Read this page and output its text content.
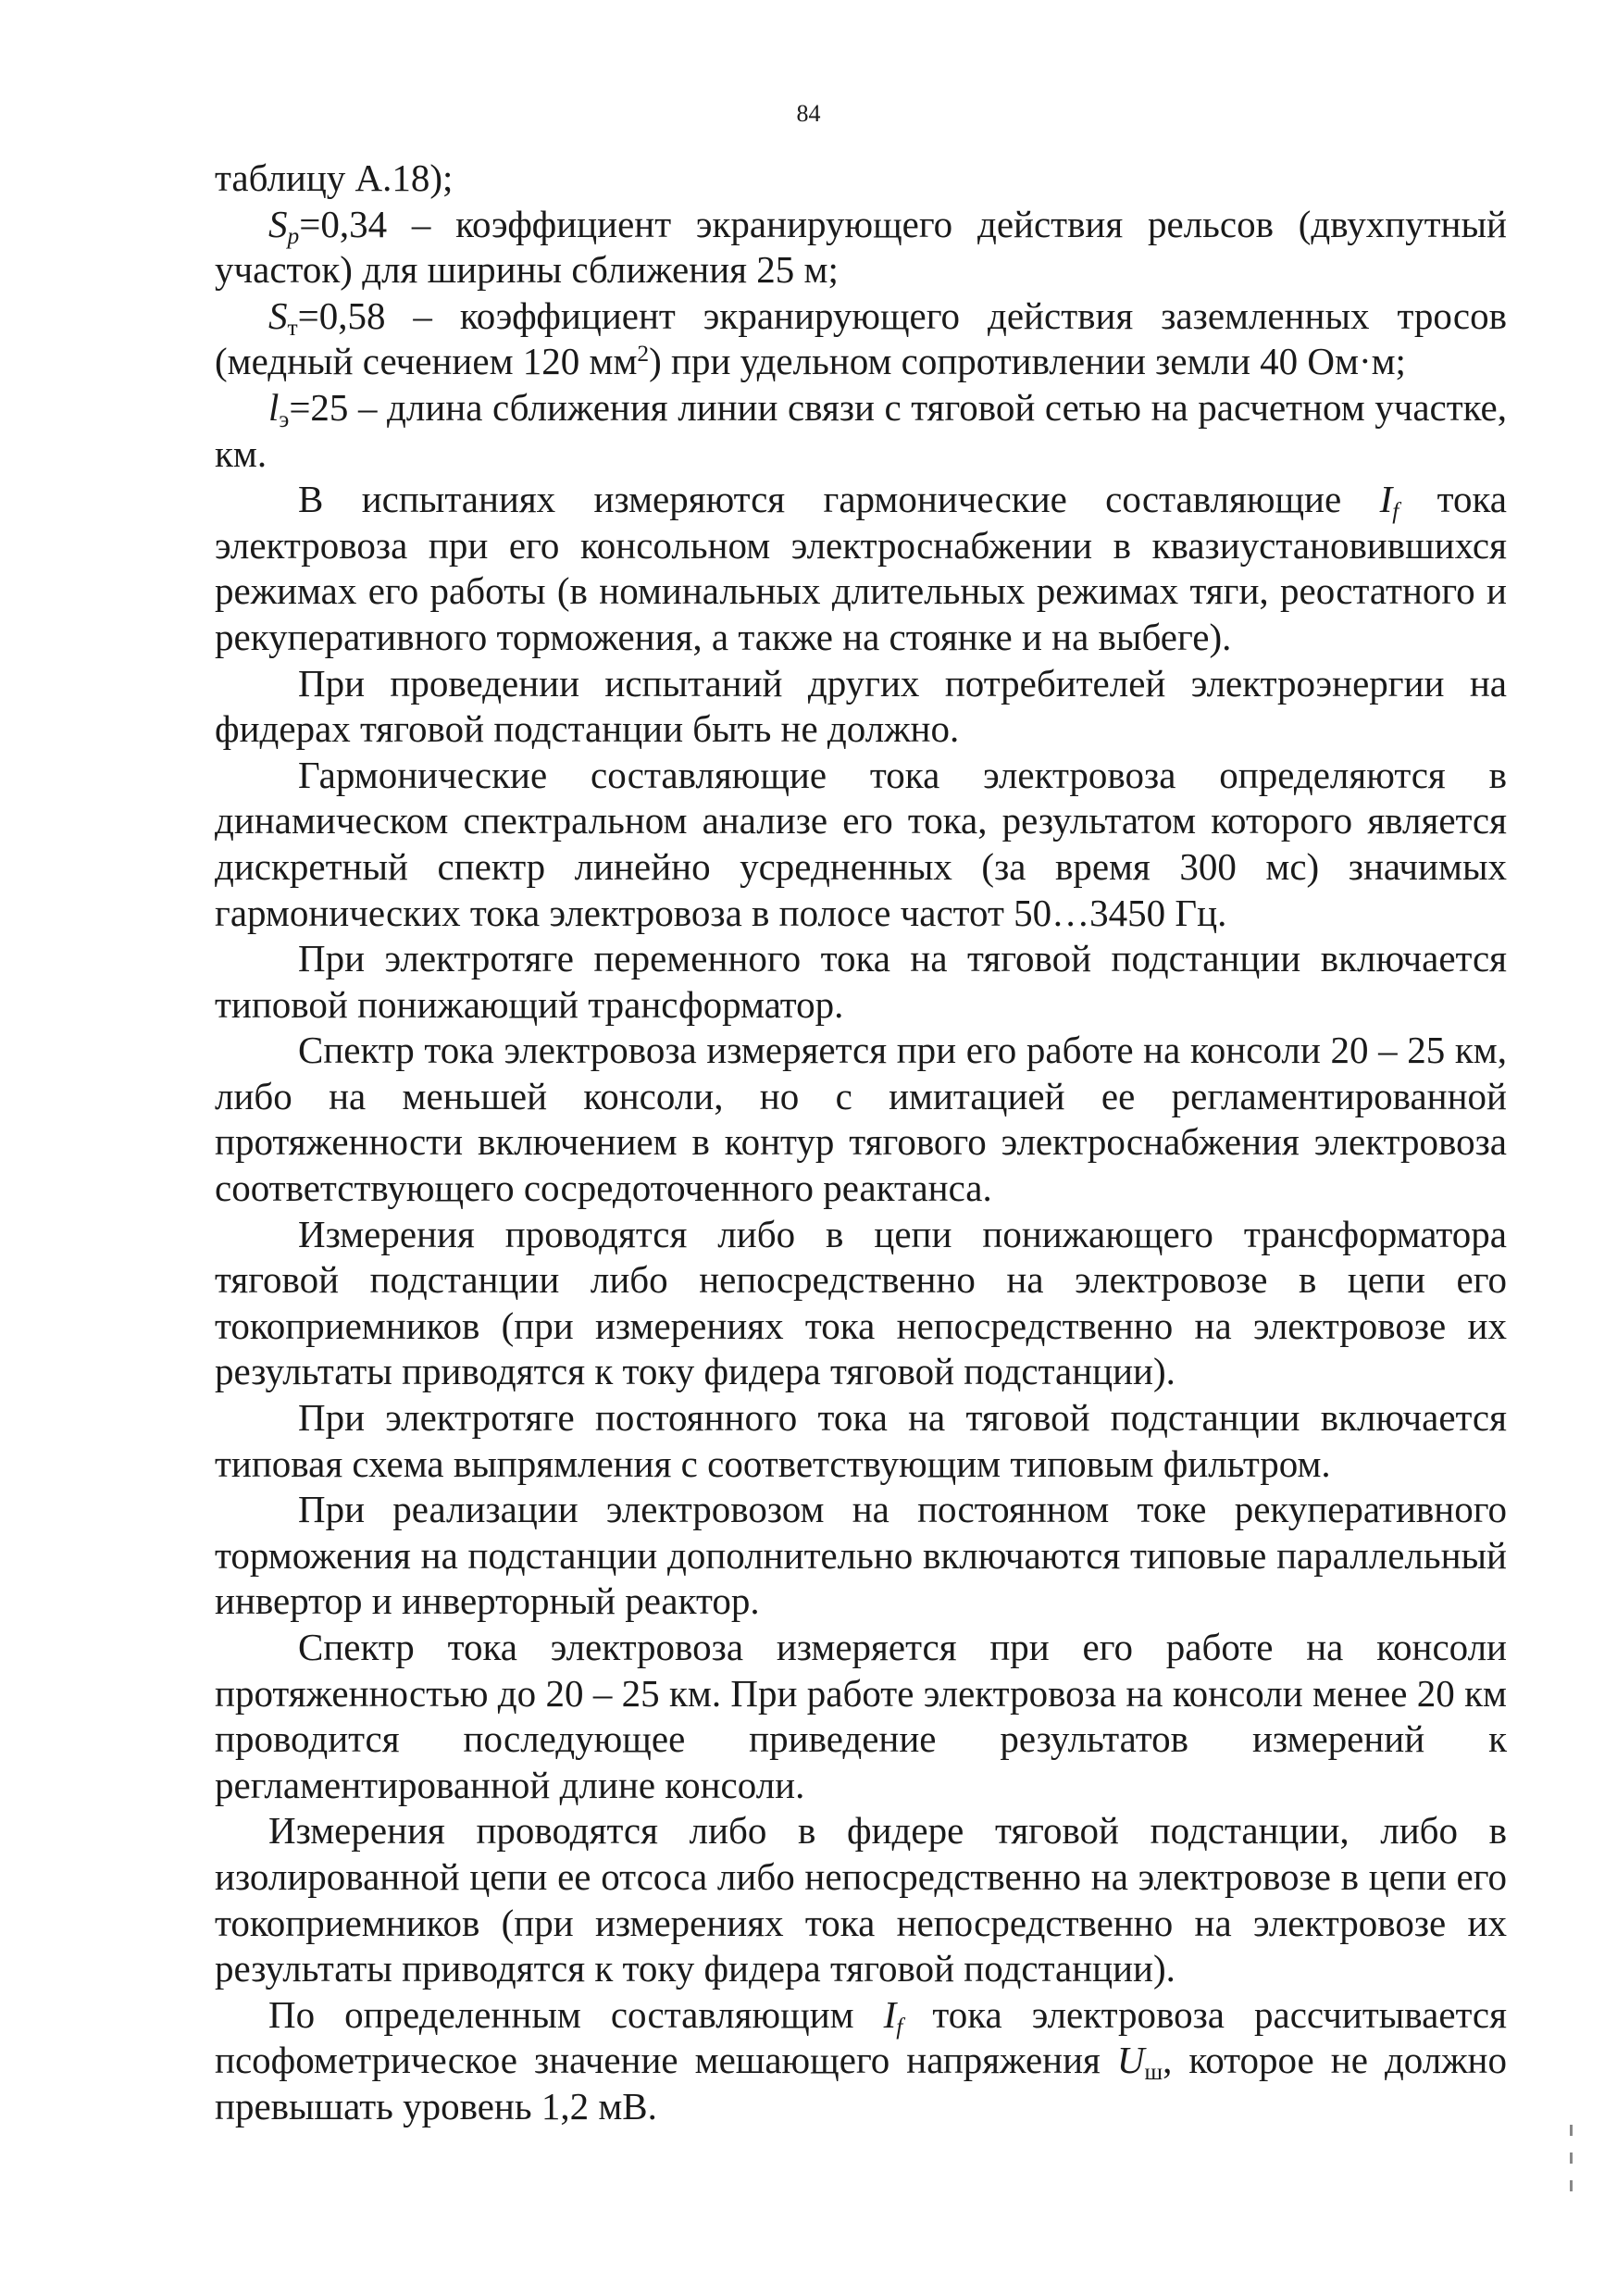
84

таблицу А.18);

$S_p=0,34$ – коэффициент экранирующего действия рельсов (двухпутный участок) для ширины сближения 25 м;

$S_т=0,58$ – коэффициент экранирующего действия заземленных тросов (медный сечением 120 $мм^2$) при удельном сопротивлении земли 40 Ом·м;

$l_э=25$ – длина сближения линии связи с тяговой сетью на расчетном участке, км.

В испытаниях измеряются гармонические составляющие $I_f$ тока электровоза при его консольном электроснабжении в квазиустановившихся режимах его работы (в номинальных длительных режимах тяги, реостатного и рекуперативного торможения, а также на стоянке и на выбеге).

При проведении испытаний других потребителей электроэнергии на фидерах тяговой подстанции быть не должно.

Гармонические составляющие тока электровоза определяются в динамическом спектральном анализе его тока, результатом которого является дискретный спектр линейно усредненных (за время 300 мс) значимых гармонических тока электровоза в полосе частот 50…3450 Гц.

При электротяге переменного тока на тяговой подстанции включается типовой понижающий трансформатор.

Спектр тока электровоза измеряется при его работе на консоли 20 – 25 км, либо на меньшей консоли, но с имитацией ее регламентированной протяженности включением в контур тягового электроснабжения электровоза соответствующего сосредоточенного реактанса.

Измерения проводятся либо в цепи понижающего трансформатора тяговой подстанции либо непосредственно на электровозе в цепи его токоприемников (при измерениях тока непосредственно на электровозе их результаты приводятся к току фидера тяговой подстанции).

При электротяге постоянного тока на тяговой подстанции включается типовая схема выпрямления с соответствующим типовым фильтром.

При реализации электровозом на постоянном токе рекуперативного торможения на подстанции дополнительно включаются типовые параллельный инвертор и инверторный реактор.

Спектр тока электровоза измеряется при его работе на консоли протяженностью до 20 – 25 км. При работе электровоза на консоли менее 20 км проводится последующее приведение результатов измерений к регламентированной длине консоли.

Измерения проводятся либо в фидере тяговой подстанции, либо в изолированной цепи ее отсоса либо непосредственно на электровозе в цепи его токоприемников (при измерениях тока непосредственно на электровозе их результаты приводятся к току фидера тяговой подстанции).

По определенным составляющим $I_f$ тока электровоза рассчитывается псофометрическое значение мешающего напряжения $U_ш$, которое не должно превышать уровень 1,2 мВ.
